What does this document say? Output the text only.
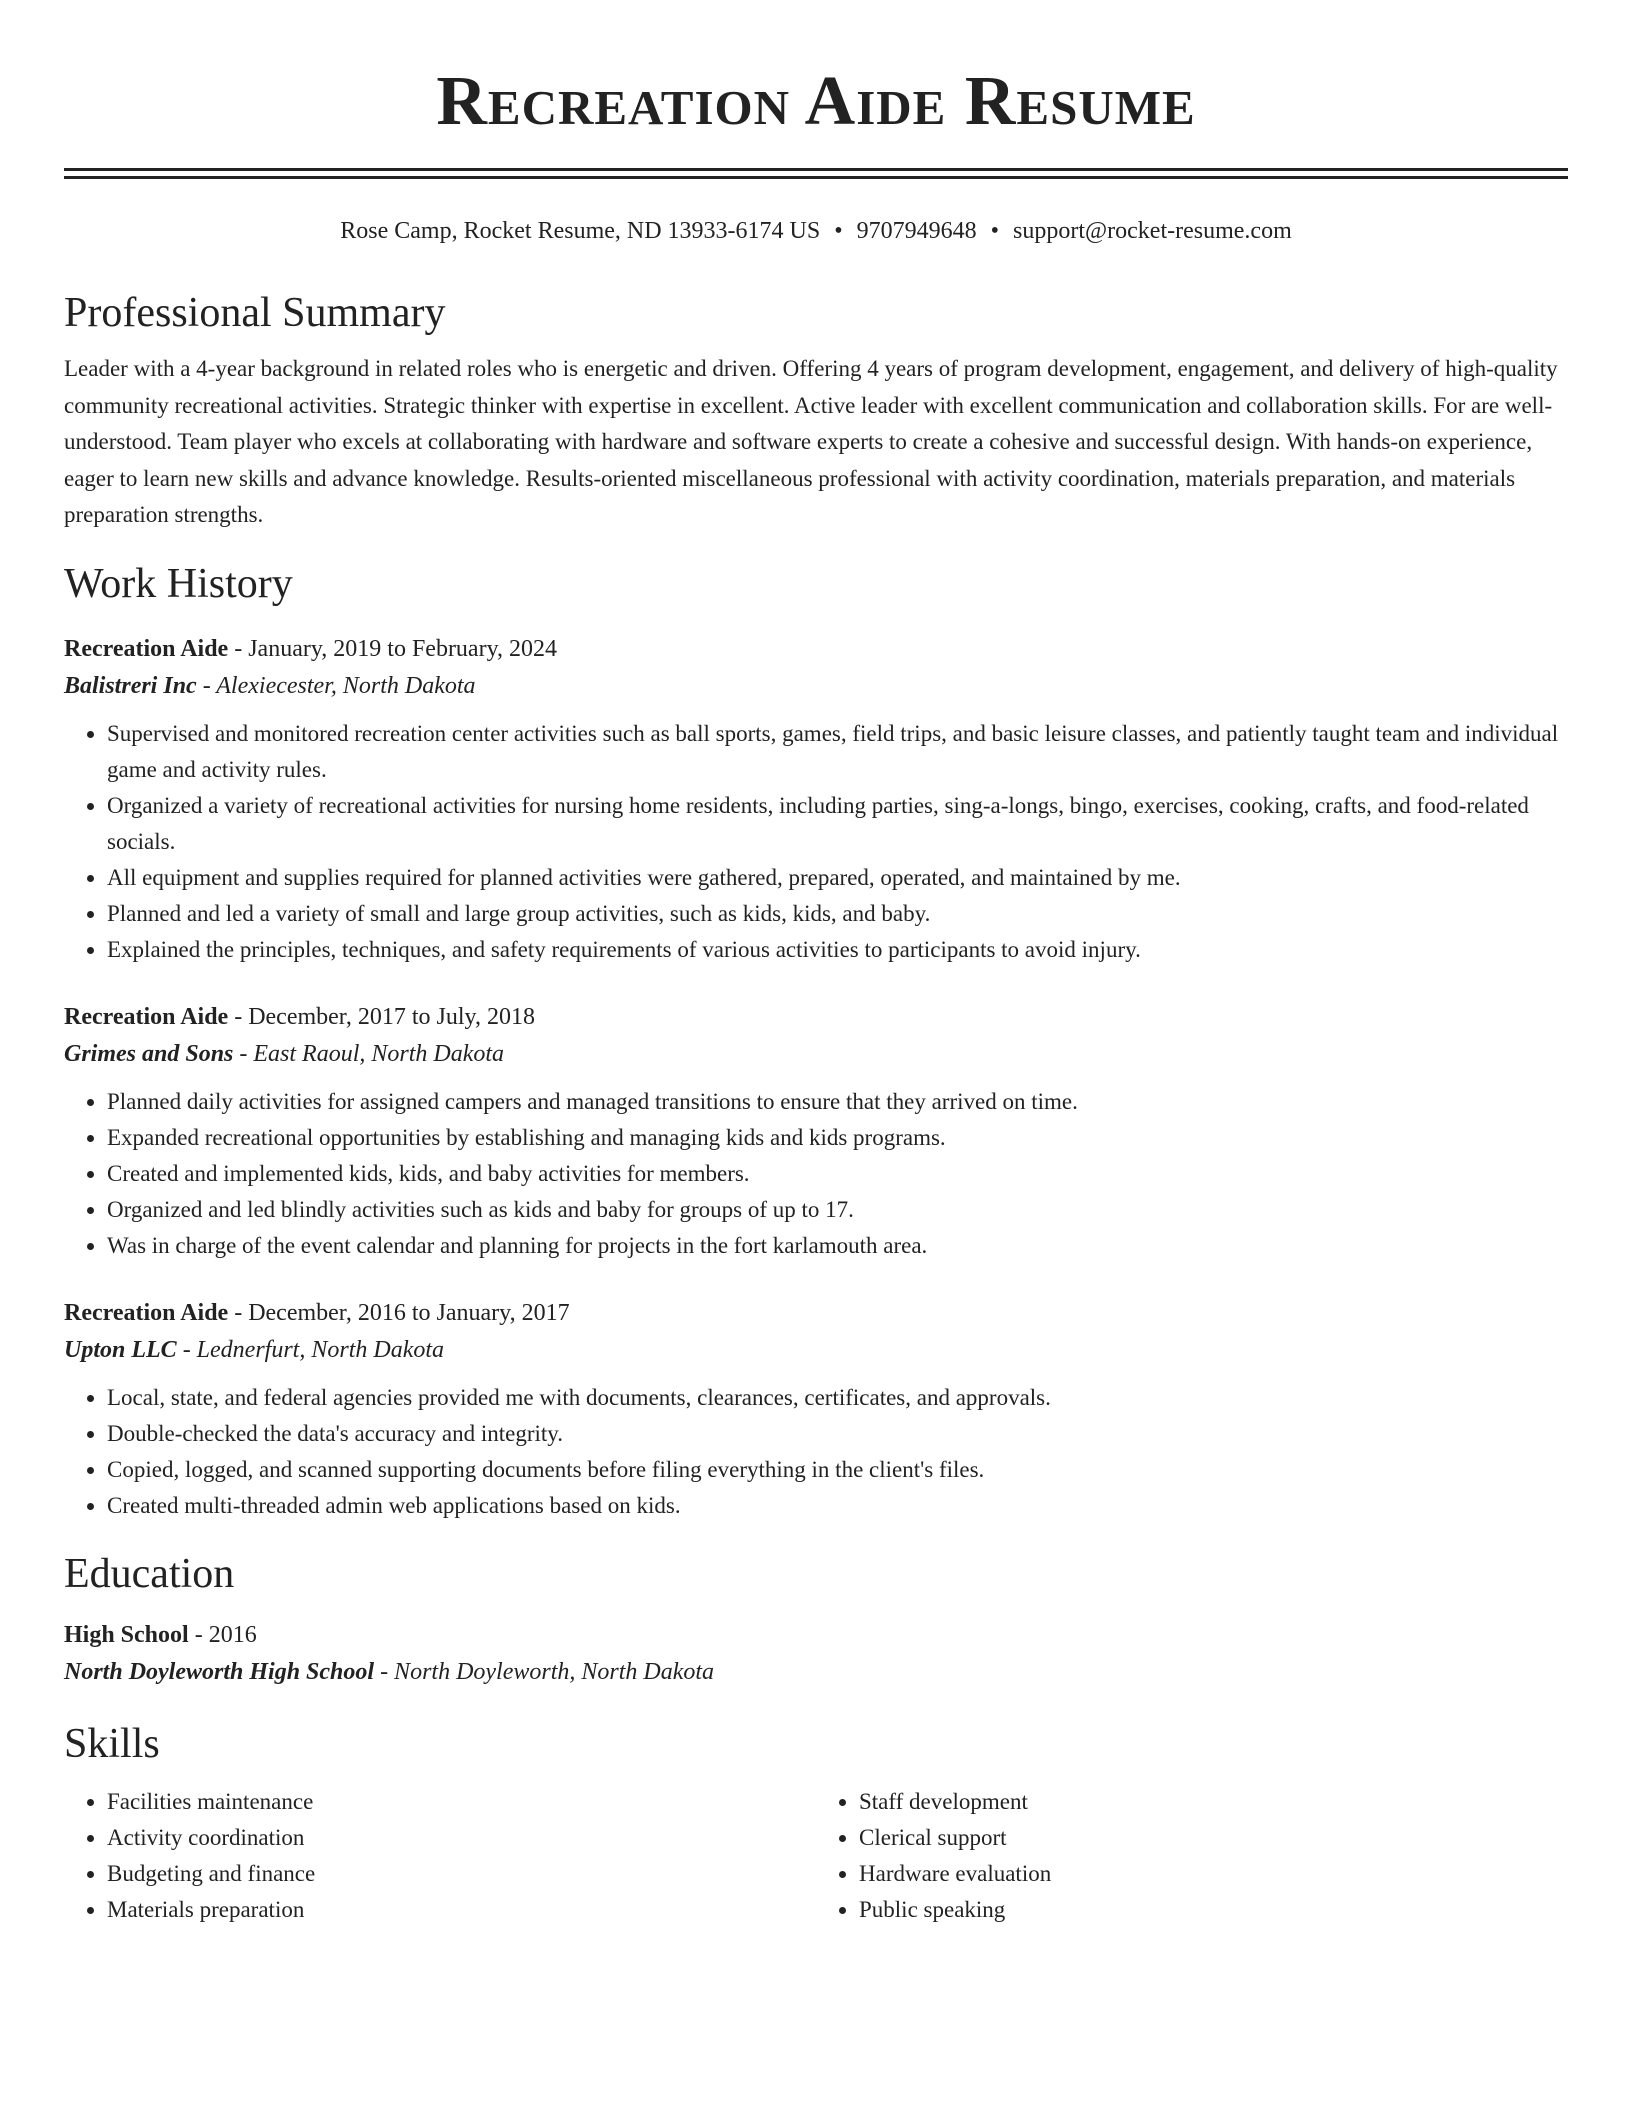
Recreation Aide Resume
Rose Camp, Rocket Resume, ND 13933-6174 US • 9707949648 • support@rocket-resume.com
Professional Summary

Leader with a 4-year background in related roles who is energetic and driven. Offering 4 years of program development, engagement, and delivery of high-quality community recreational activities. Strategic thinker with expertise in excellent. Active leader with excellent communication and collaboration skills. For are well-understood. Team player who excels at collaborating with hardware and software experts to create a cohesive and successful design. With hands-on experience, eager to learn new skills and advance knowledge. Results-oriented miscellaneous professional with activity coordination, materials preparation, and materials preparation strengths.

Work History
Recreation Aide - January, 2019 to February, 2024
Balistreri Inc - Alexiecester, North Dakota
• Supervised and monitored recreation center activities such as ball sports, games, field trips, and basic leisure classes, and patiently taught team and individual game and activity rules.
• Organized a variety of recreational activities for nursing home residents, including parties, sing-a-longs, bingo, exercises, cooking, crafts, and food-related socials.
• All equipment and supplies required for planned activities were gathered, prepared, operated, and maintained by me.
• Planned and led a variety of small and large group activities, such as kids, kids, and baby.
• Explained the principles, techniques, and safety requirements of various activities to participants to avoid injury.
Recreation Aide - December, 2017 to July, 2018
Grimes and Sons - East Raoul, North Dakota
• Planned daily activities for assigned campers and managed transitions to ensure that they arrived on time.
• Expanded recreational opportunities by establishing and managing kids and kids programs.
• Created and implemented kids, kids, and baby activities for members.
• Organized and led blindly activities such as kids and baby for groups of up to 17.
• Was in charge of the event calendar and planning for projects in the fort karlamouth area.
Recreation Aide - December, 2016 to January, 2017
Upton LLC - Lednerfurt, North Dakota
• Local, state, and federal agencies provided me with documents, clearances, certificates, and approvals.
• Double-checked the data's accuracy and integrity.
• Copied, logged, and scanned supporting documents before filing everything in the client's files.
• Created multi-threaded admin web applications based on kids.
Education
High School - 2016
North Doyleworth High School - North Doyleworth, North Dakota
Skills
• Facilities maintenance
• Activity coordination
• Budgeting and finance
• Materials preparation
• Staff development
• Clerical support
• Hardware evaluation
• Public speaking
